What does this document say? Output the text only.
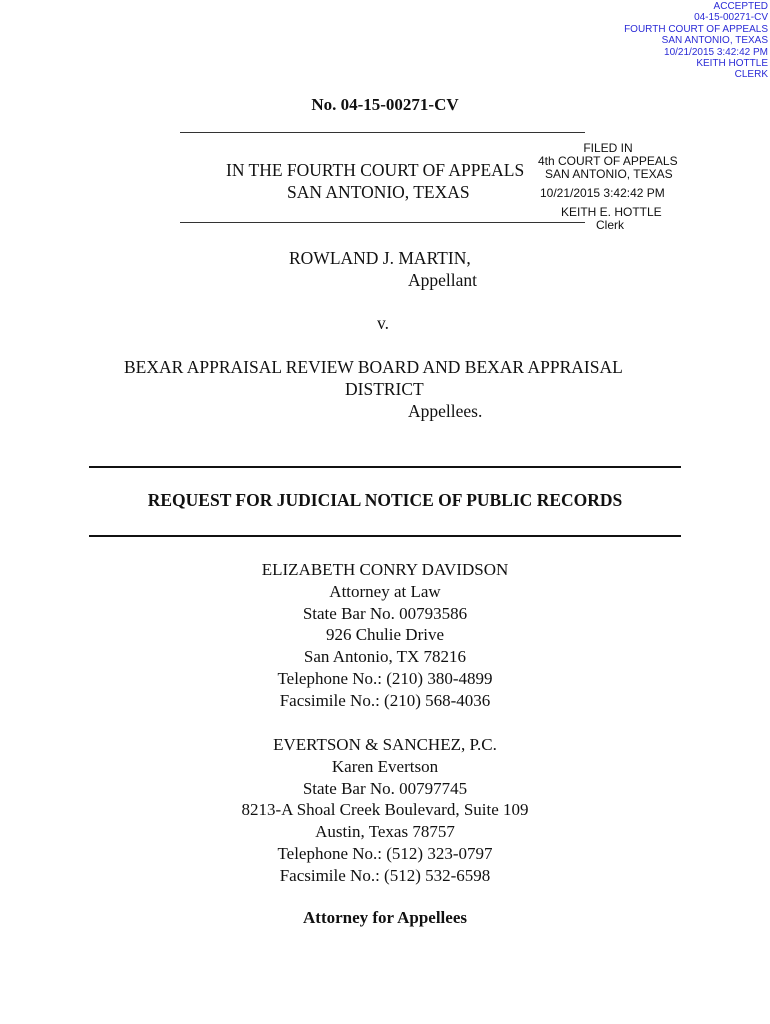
ACCEPTED
04-15-00271-CV
FOURTH COURT OF APPEALS
SAN ANTONIO, TEXAS
10/21/2015 3:42:42 PM
KEITH HOTTLE
CLERK
No. 04-15-00271-CV
IN THE FOURTH COURT OF APPEALS
SAN ANTONIO, TEXAS
FILED IN
4th COURT OF APPEALS
SAN ANTONIO, TEXAS
10/21/2015 3:42:42 PM
KEITH E. HOTTLE
Clerk
ROWLAND J. MARTIN,
Appellant
v.
BEXAR APPRAISAL REVIEW BOARD AND BEXAR APPRAISAL
DISTRICT
Appellees.
REQUEST FOR JUDICIAL NOTICE OF PUBLIC RECORDS
ELIZABETH CONRY DAVIDSON
Attorney at Law
State Bar No. 00793586
926 Chulie Drive
San Antonio, TX 78216
Telephone No.: (210) 380-4899
Facsimile No.: (210) 568-4036
EVERTSON & SANCHEZ, P.C.
Karen Evertson
State Bar No. 00797745
8213-A Shoal Creek Boulevard, Suite 109
Austin, Texas 78757
Telephone No.: (512) 323-0797
Facsimile No.: (512) 532-6598
Attorney for Appellees
